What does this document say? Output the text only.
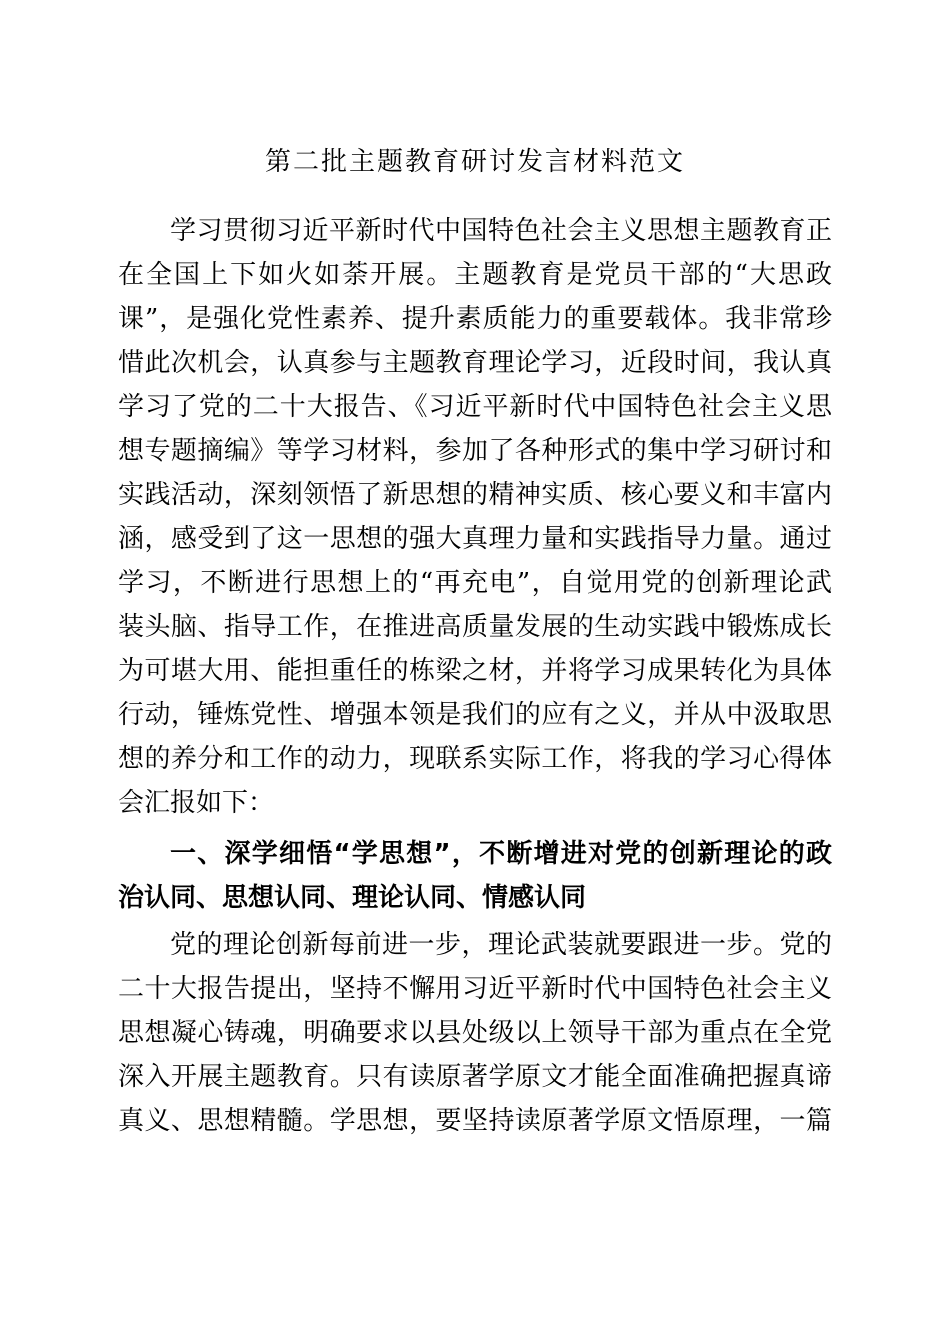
第二批主题教育研讨发言材料范文

学习贯彻习近平新时代中国特色社会主义思想主题教育正

在全国上下如火如荼开展。主题教育是党员干部的“大思政

课”，是强化党性素养、提升素质能力的重要载体。我非常珍

惜此次机会，认真参与主题教育理论学习，近段时间，我认真

学习了党的二十大报告、《习近平新时代中国特色社会主义思

想专题摘编》等学习材料，参加了各种形式的集中学习研讨和

实践活动，深刻领悟了新思想的精神实质、核心要义和丰富内

涵，感受到了这一思想的强大真理力量和实践指导力量。通过

学习，不断进行思想上的“再充电”，自觉用党的创新理论武

装头脑、指导工作，在推进高质量发展的生动实践中锻炼成长

为可堪大用、能担重任的栋梁之材，并将学习成果转化为具体

行动，锤炼党性、增强本领是我们的应有之义，并从中汲取思

想的养分和工作的动力，现联系实际工作，将我的学习心得体

会汇报如下：

一、深学细悟“学思想”，不断增进对党的创新理论的政

治认同、思想认同、理论认同、情感认同

党的理论创新每前进一步，理论武装就要跟进一步。党的

二十大报告提出，坚持不懈用习近平新时代中国特色社会主义

思想凝心铸魂，明确要求以县处级以上领导干部为重点在全党

深入开展主题教育。只有读原著学原文才能全面准确把握真谛

真义、思想精髓。学思想，要坚持读原著学原文悟原理，一篇
